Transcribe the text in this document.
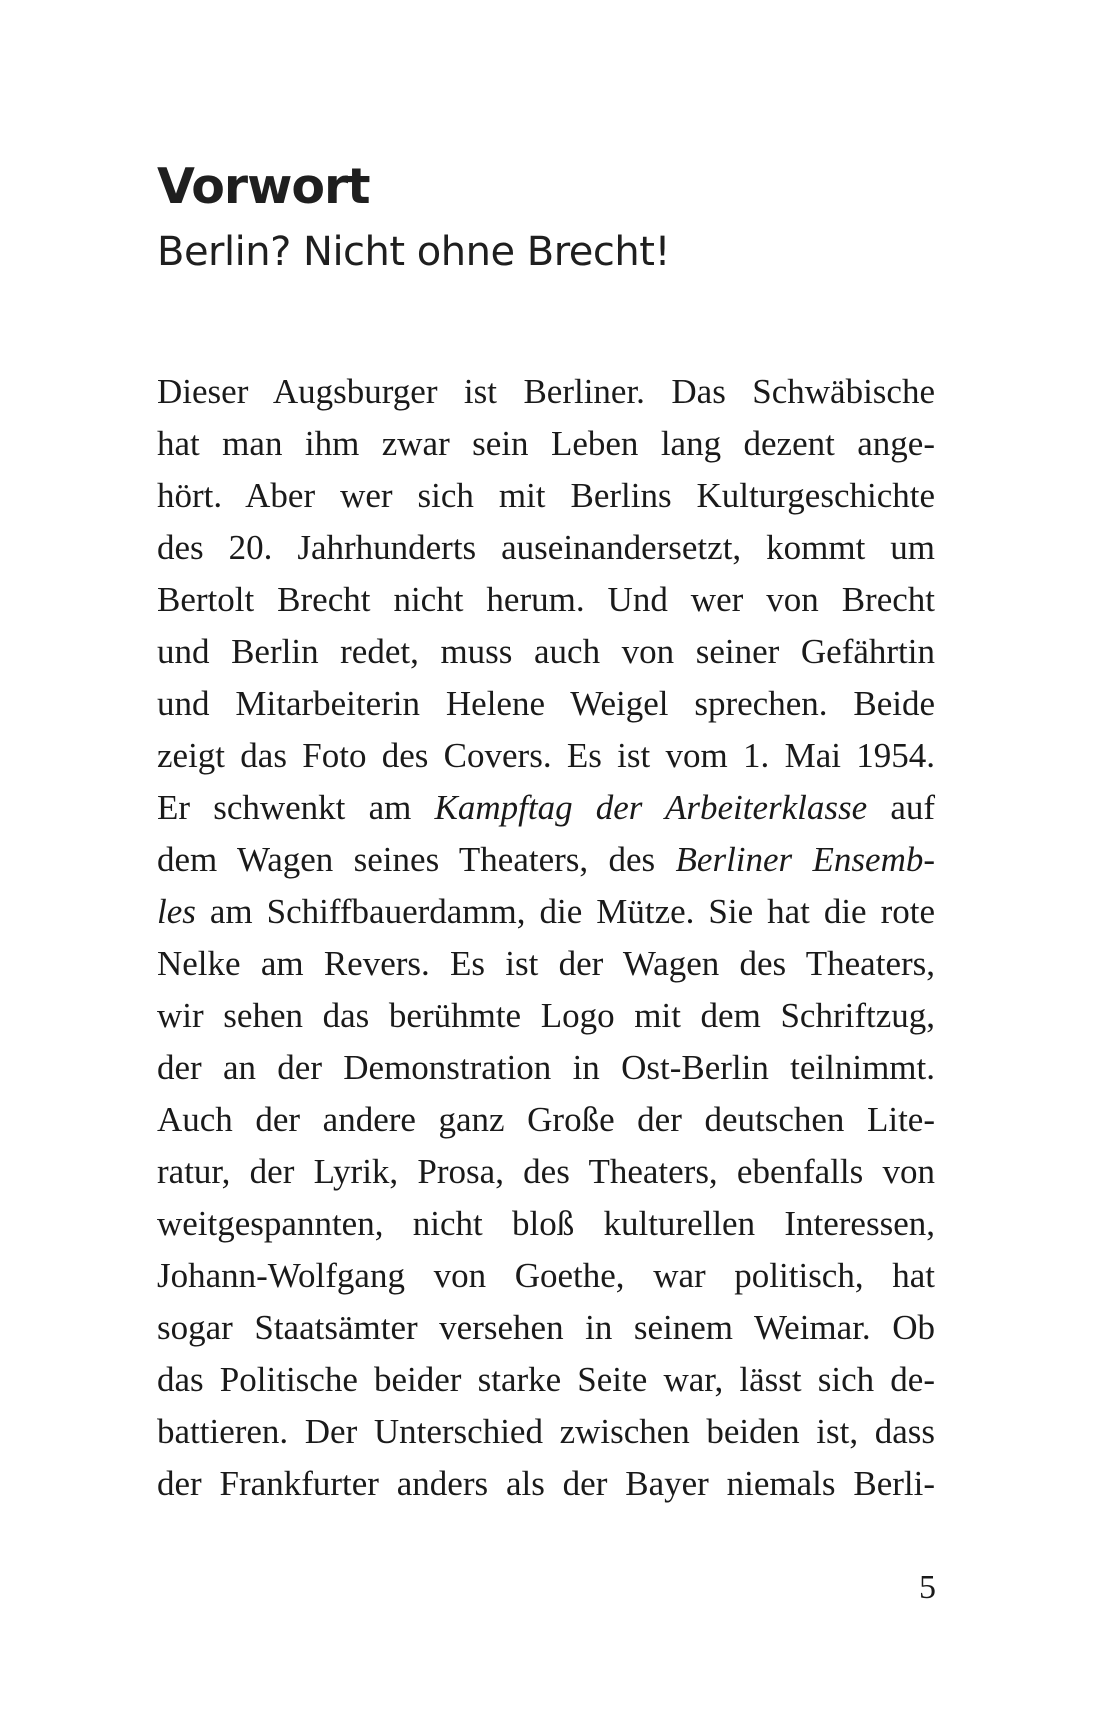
Vorwort
Berlin? Nicht ohne Brecht!
Dieser Augsburger ist Berliner. Das Schwäbische
hat man ihm zwar sein Leben lang dezent ange-
hört. Aber wer sich mit Berlins Kulturgeschichte
des 20. Jahrhunderts auseinandersetzt, kommt um
Bertolt Brecht nicht herum. Und wer von Brecht
und Berlin redet, muss auch von seiner Gefährtin
und Mitarbeiterin Helene Weigel sprechen. Beide
zeigt das Foto des Covers. Es ist vom 1. Mai 1954.
Er schwenkt am Kampftag der Arbeiterklasse auf
dem Wagen seines Theaters, des Berliner Ensemb-
les am Schiffbauerdamm, die Mütze. Sie hat die rote
Nelke am Revers. Es ist der Wagen des Theaters,
wir sehen das berühmte Logo mit dem Schriftzug,
der an der Demonstration in Ost-Berlin teilnimmt.
Auch der andere ganz Große der deutschen Lite-
ratur, der Lyrik, Prosa, des Theaters, ebenfalls von
weitgespannten, nicht bloß kulturellen Interessen,
Johann-Wolfgang von Goethe, war politisch, hat
sogar Staatsämter versehen in seinem Weimar. Ob
das Politische beider starke Seite war, lässt sich de-
battieren. Der Unterschied zwischen beiden ist, dass
der Frankfurter anders als der Bayer niemals Berli-
5
